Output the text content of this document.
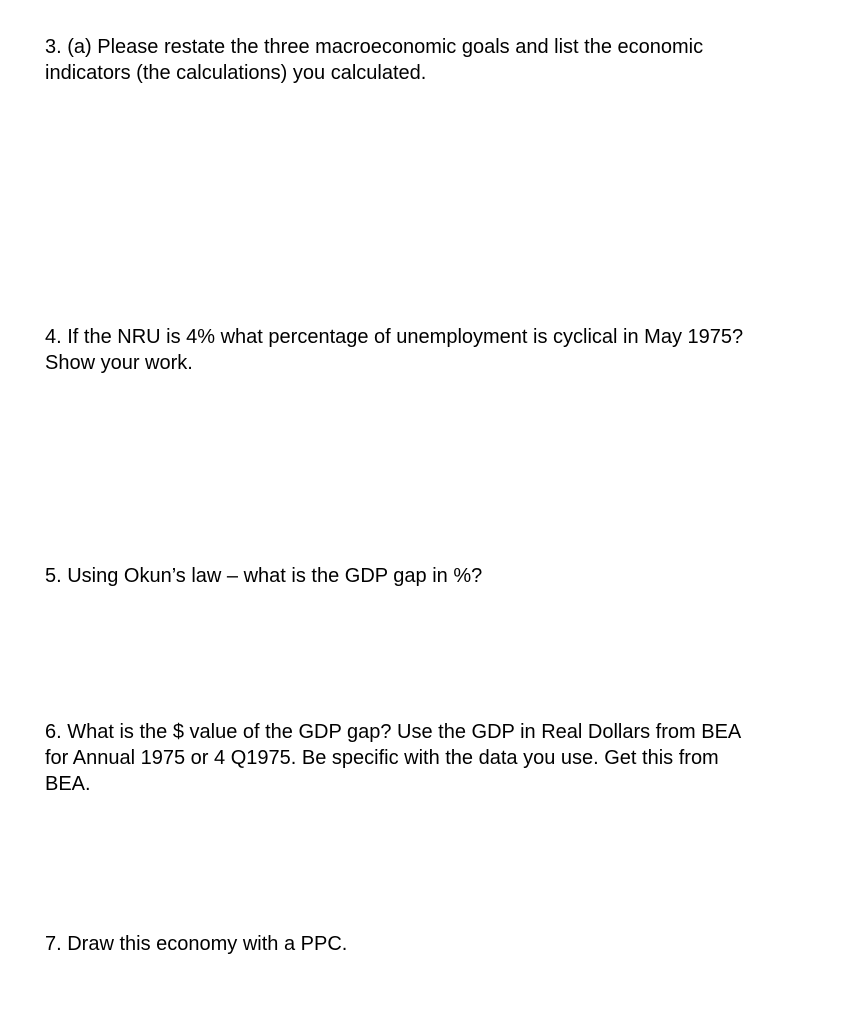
3. (a) Please restate the three macroeconomic goals and list the economic
indicators (the calculations) you calculated.

4. If the NRU is 4% what percentage of unemployment is cyclical in May 1975?
Show your work.

5. Using Okun’s law – what is the GDP gap in %?

6. What is the $ value of the GDP gap? Use the GDP in Real Dollars from BEA
for Annual 1975 or 4 Q1975. Be specific with the data you use. Get this from
BEA.

7. Draw this economy with a PPC.
